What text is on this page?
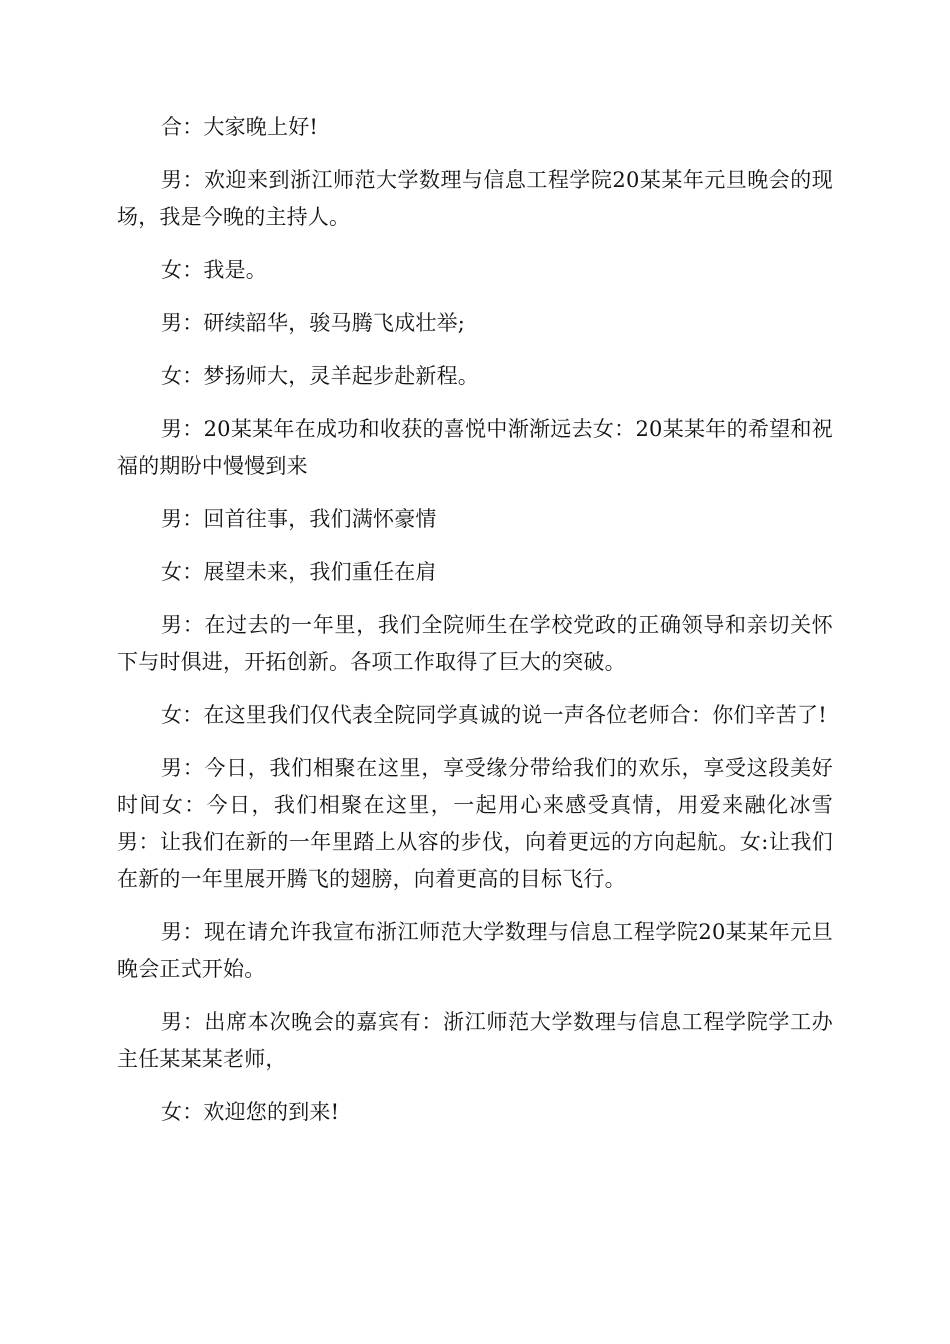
合：大家晚上好!

男：欢迎来到浙江师范大学数理与信息工程学院20某某年元旦晚会的现场，我是今晚的主持人。

女：我是。

男：研续韶华，骏马腾飞成壮举;

女：梦扬师大，灵羊起步赴新程。

男：20某某年在成功和收获的喜悦中渐渐远去女：20某某年的希望和祝福的期盼中慢慢到来

男：回首往事，我们满怀豪情

女：展望未来，我们重任在肩

男：在过去的一年里，我们全院师生在学校党政的正确领导和亲切关怀下与时俱进，开拓创新。各项工作取得了巨大的突破。

女：在这里我们仅代表全院同学真诚的说一声各位老师合：你们辛苦了!

男：今日，我们相聚在这里，享受缘分带给我们的欢乐，享受这段美好时间女：今日，我们相聚在这里，一起用心来感受真情，用爱来融化冰雪男：让我们在新的一年里踏上从容的步伐，向着更远的方向起航。女:让我们在新的一年里展开腾飞的翅膀，向着更高的目标飞行。

男：现在请允许我宣布浙江师范大学数理与信息工程学院20某某年元旦晚会正式开始。

男：出席本次晚会的嘉宾有：浙江师范大学数理与信息工程学院学工办主任某某某老师，

女：欢迎您的到来!
